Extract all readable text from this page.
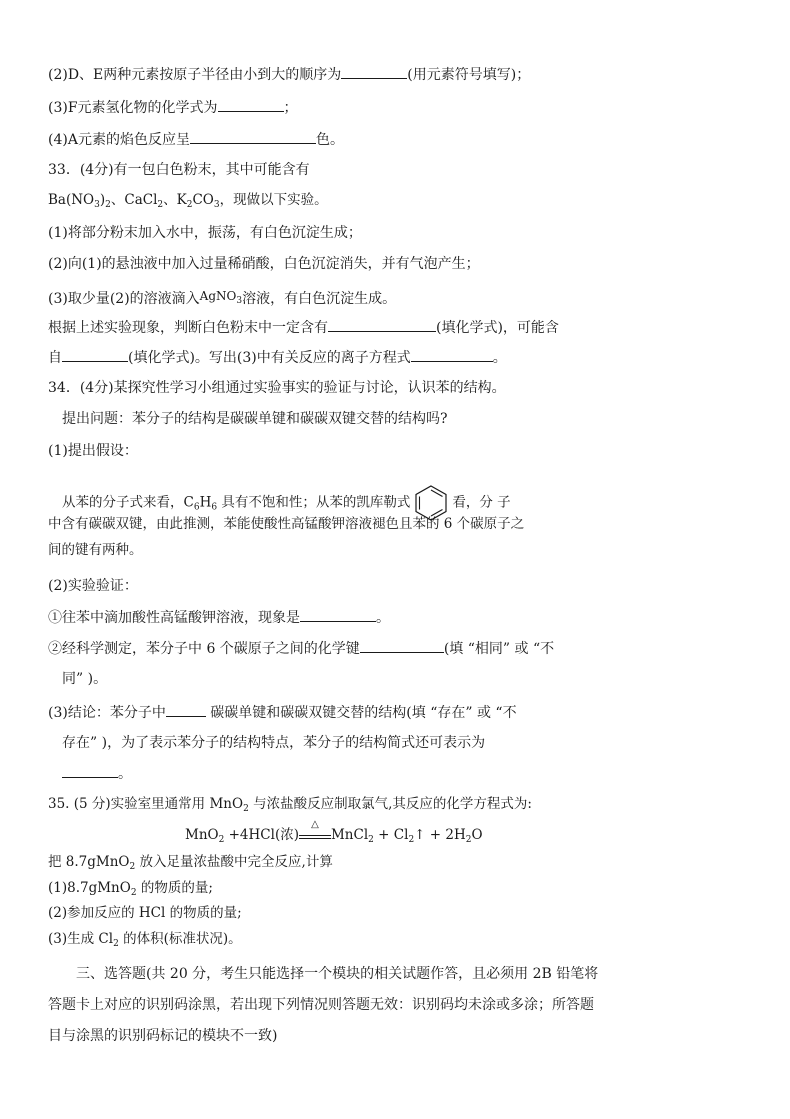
(2)D、E两种元素按原子半径由小到大的顺序为	(用元素符号填写)；
(3)F元素氢化物的化学式为	；
(4)A元素的焰色反应呈	色。
33．(4分)有一包白色粉末，其中可能含有
$Ba(NO_3)_2$、CaCl$_2$、$K_2CO_3$，现做以下实验。
(1)将部分粉末加入水中，振荡，有白色沉淀生成；
(2)向(1)的悬浊液中加入过量稀硝酸，白色沉淀消失，并有气泡产生；
(3)取少量(2)的溶液滴入AgNO3溶液，有白色沉淀生成。
根据上述实验现象，判断白色粉末中一定含有	(填化学式)，可能含
自	(填化学式)。写出(3)中有关反应的离子方程式	。
34．(4分)某探究性学习小组通过实验事实的验证与讨论，认识苯的结构。
提出问题：苯分子的结构是碳碳单键和碳碳双键交替的结构吗?
(1)提出假设：
从苯的分子式来看，$C_6H_6$ 具有不饱和性；从苯的凯库勒式	看，分 子
中含有碳碳双键，由此推测，苯能使酸性高锰酸钾溶液褪色且苯的 6 个碳原子之
间的键有两种。
(2)实验验证：
①往苯中滴加酸性高锰酸钾溶液，现象是	。
②经科学测定，苯分子中 6 个碳原子之间的化学键	(填 “相同” 或 “不
同” )。
(3)结论：苯分子中	碳碳单键和碳碳双键交替的结构(填 “存在” 或 “不
存在” )，为了表示苯分子的结构特点，苯分子的结构简式还可表示为
。
35. (5 分)实验室里通常用 MnO$_2$ 与浓盐酸反应制取氯气,其反应的化学方程式为:
MnO$_2$ +4HCl(浓)
△
MnCl$_2$ + $Cl_2↑ + 2H_2O$
把 8.7gMnO$_2$ 放入足量浓盐酸中完全反应,计算
(1)8.7gMnO$_2$ 的物质的量;
(2)参加反应的 HCl 的物质的量;
(3)生成 $Cl_2$ 的体积(标准状况)。
三、选答题(共 20 分，考生只能选择一个模块的相关试题作答，且必须用 2B 铅笔将
答题卡上对应的识别码涂黑，若出现下列情况则答题无效：识别码均未涂或多涂；所答题
目与涂黑的识别码标记的模块不一致)
